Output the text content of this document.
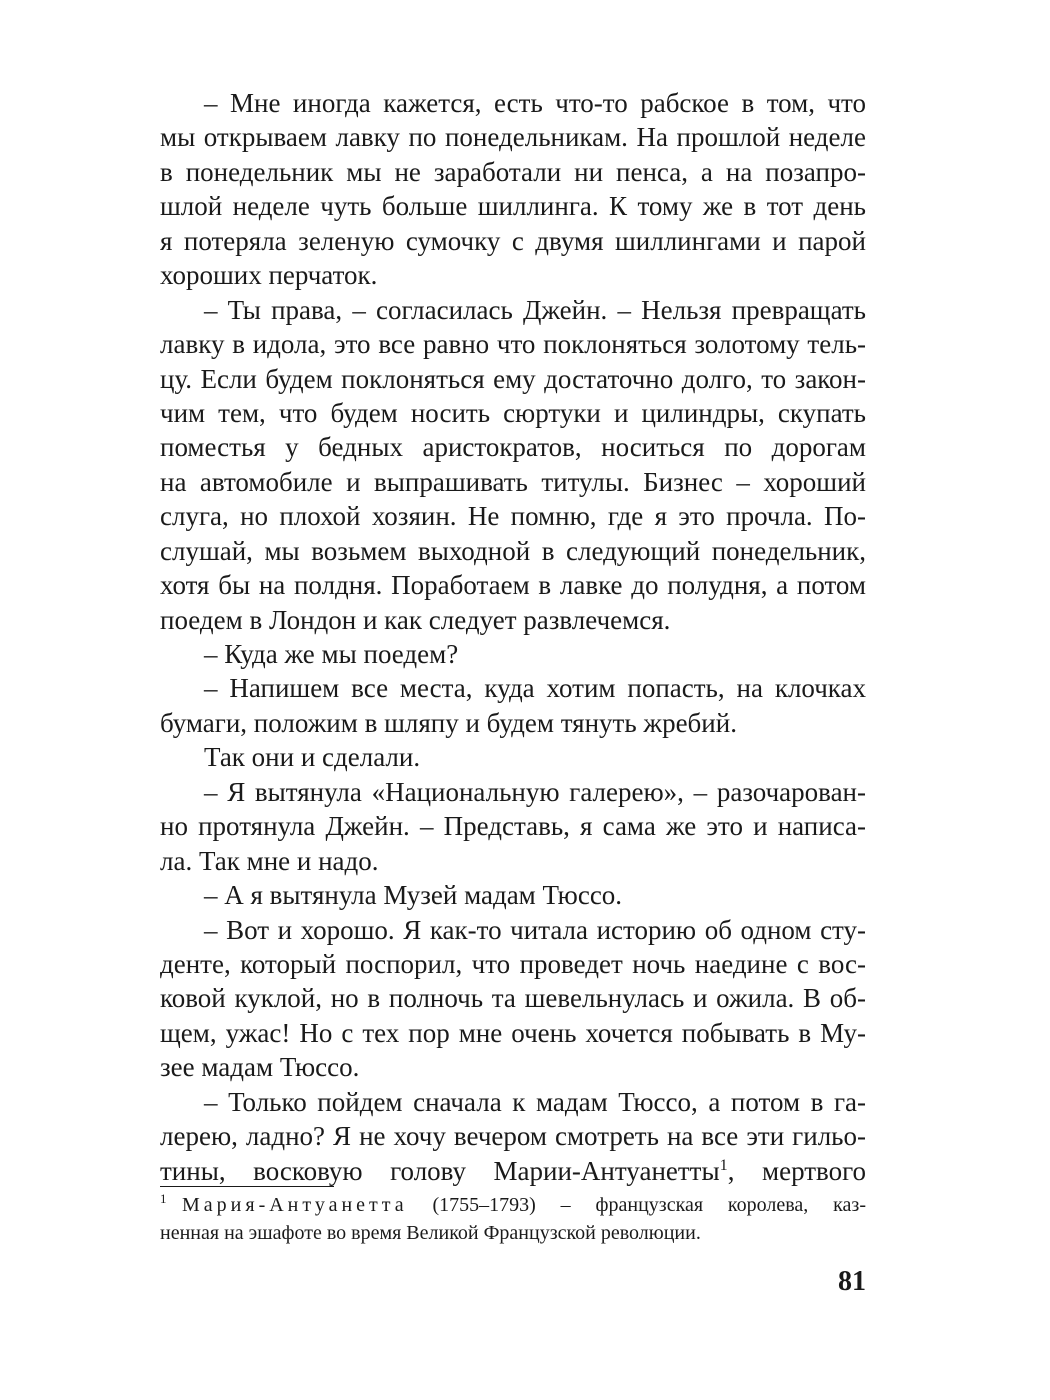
– Мне иногда кажется, есть что-то рабское в том, что
мы открываем лавку по понедельникам. На прошлой неделе
в понедельник мы не заработали ни пенса, а на позапро-
шлой неделе чуть больше шиллинга. К тому же в тот день
я потеряла зеленую сумочку с двумя шиллингами и парой
хороших перчаток.
– Ты права, – согласилась Джейн. – Нельзя превращать
лавку в идола, это все равно что поклоняться золотому тель-
цу. Если будем поклоняться ему достаточно долго, то закон-
чим тем, что будем носить сюртуки и цилиндры, скупать
поместья у бедных аристократов, носиться по дорогам
на автомобиле и выпрашивать титулы. Бизнес – хороший
слуга, но плохой хозяин. Не помню, где я это прочла. По-
слушай, мы возьмем выходной в следующий понедельник,
хотя бы на полдня. Поработаем в лавке до полудня, а потом
поедем в Лондон и как следует развлечемся.
– Куда же мы поедем?
– Напишем все места, куда хотим попасть, на клочках
бумаги, положим в шляпу и будем тянуть жребий.
Так они и сделали.
– Я вытянула «Национальную галерею», – разочарован-
но протянула Джейн. – Представь, я сама же это и написа-
ла. Так мне и надо.
– А я вытянула Музей мадам Тюссо.
– Вот и хорошо. Я как-то читала историю об одном сту-
денте, который поспорил, что проведет ночь наедине с вос-
ковой куклой, но в полночь та шевельнулась и ожила. В об-
щем, ужас! Но с тех пор мне очень хочется побывать в Му-
зее мадам Тюссо.
– Только пойдем сначала к мадам Тюссо, а потом в га-
лерею, ладно? Я не хочу вечером смотреть на все эти гильо-
тины, восковую голову Марии-Антуанетты$^1$, мертвого
1 Мария-Антуанетта (1755–1793) – французская королева, каз-
ненная на эшафоте во время Великой Французской революции.
81
